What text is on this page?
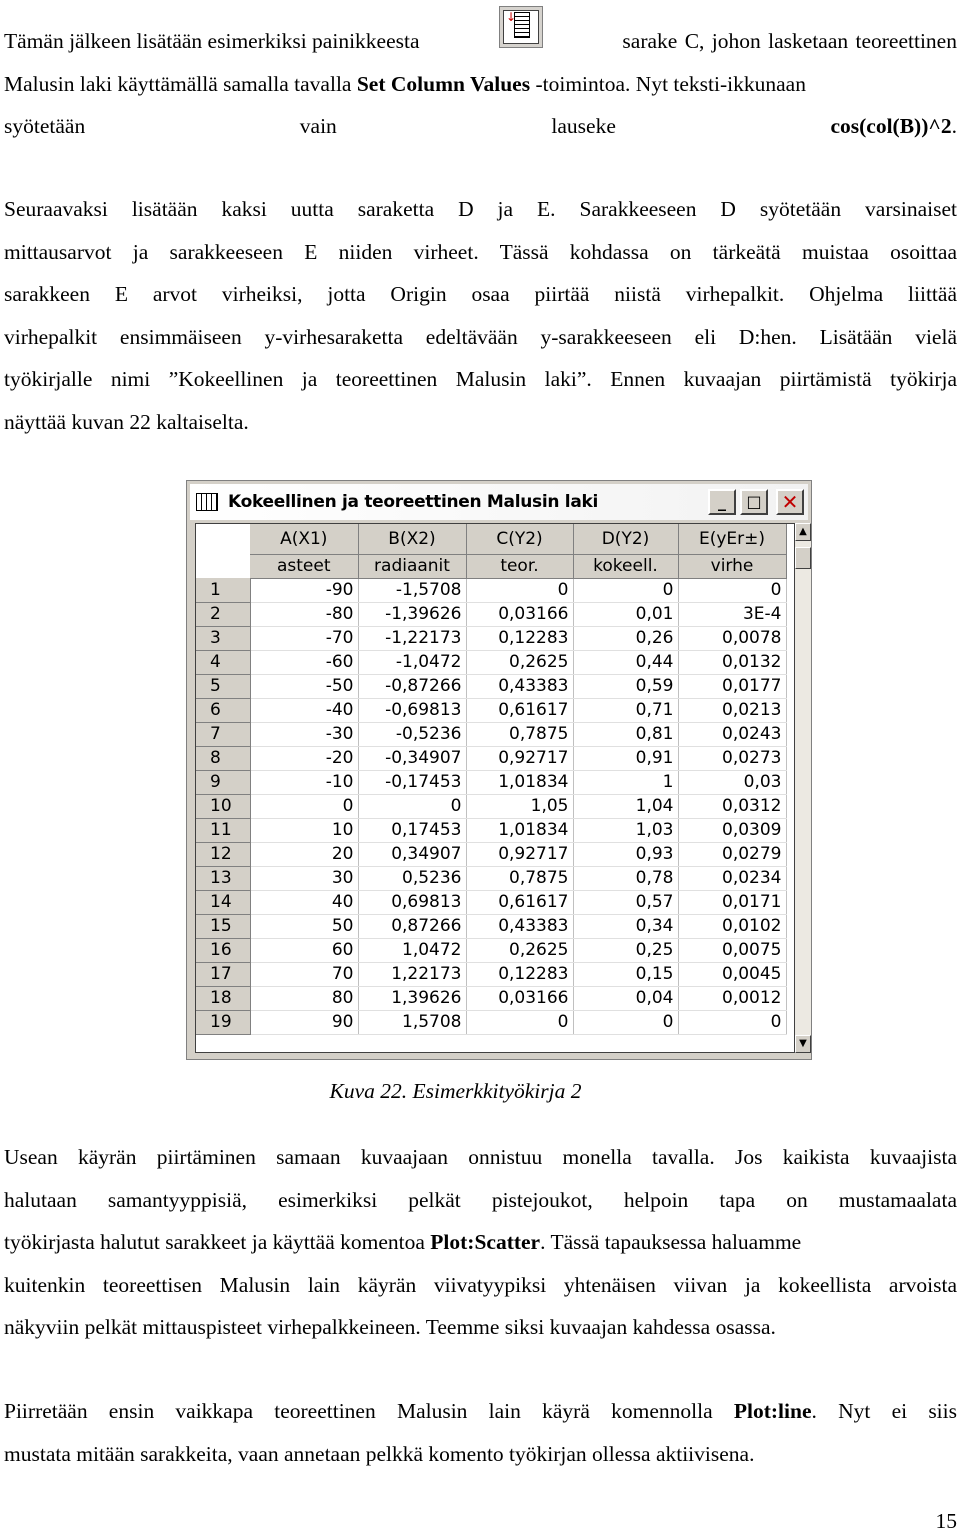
Tämän jälkeen lisätään esimerkiksi painikkeesta
↓
sarake C, johon lasketaan teoreettinen
Malusin laki käyttämällä samalla tavalla Set Column Values -toimintoa. Nyt teksti-ikkunaan
syötetään vain lauseke cos(col(B))^2.
Seuraavaksi lisätään kaksi uutta saraketta D ja E. Sarakkeeseen D syötetään varsinaiset
mittausarvot ja sarakkeeseen E niiden virheet. Tässä kohdassa on tärkeätä muistaa osoittaa
sarakkeen E arvot virheiksi, jotta Origin osaa piirtää niistä virhepalkit. Ohjelma liittää
virhepalkit ensimmäiseen y-virhesaraketta edeltävään y-sarakkeeseen eli D:hen. Lisätään vielä
työkirjalle nimi ”Kokeellinen ja teoreettinen Malusin laki”. Ennen kuvaajan piirtämistä työkirja
näyttää kuvan 22 kaltaiselta.
Kokeellinen ja teoreettinen Malusin laki	_	□	✕
	A(X1)	B(X2)	C(Y2)	D(Y2)	E(yEr±)
	asteet	radiaanit	teor.	kokeell.	virhe
1	-90	-1,5708	0	0	0
2	-80	-1,39626	0,03166	0,01	3E-4
3	-70	-1,22173	0,12283	0,26	0,0078
4	-60	-1,0472	0,2625	0,44	0,0132
5	-50	-0,87266	0,43383	0,59	0,0177
6	-40	-0,69813	0,61617	0,71	0,0213
7	-30	-0,5236	0,7875	0,81	0,0243
8	-20	-0,34907	0,92717	0,91	0,0273
9	-10	-0,17453	1,01834	1	0,03
10	0	0	1,05	1,04	0,0312
11	10	0,17453	1,01834	1,03	0,0309
12	20	0,34907	0,92717	0,93	0,0279
13	30	0,5236	0,7875	0,78	0,0234
14	40	0,69813	0,61617	0,57	0,0171
15	50	0,87266	0,43383	0,34	0,0102
16	60	1,0472	0,2625	0,25	0,0075
17	70	1,22173	0,12283	0,15	0,0045
18	80	1,39626	0,03166	0,04	0,0012
19	90	1,5708	0	0	0
▲
▼
Kuva 22. Esimerkkityökirja 2
Usean käyrän piirtäminen samaan kuvaajaan onnistuu monella tavalla. Jos kaikista kuvaajista
halutaan samantyyppisiä, esimerkiksi pelkät pistejoukot, helpoin tapa on mustamaalata
työkirjasta halutut sarakkeet ja käyttää komentoa Plot:Scatter. Tässä tapauksessa haluamme
kuitenkin teoreettisen Malusin lain käyrän viivatyypiksi yhtenäisen viivan ja kokeellista arvoista
näkyviin pelkät mittauspisteet virhepalkkeineen. Teemme siksi kuvaajan kahdessa osassa.
Piirretään ensin vaikkapa teoreettinen Malusin lain käyrä komennolla Plot:line. Nyt ei siis
mustata mitään sarakkeita, vaan annetaan pelkkä komento työkirjan ollessa aktiivisena.
15
